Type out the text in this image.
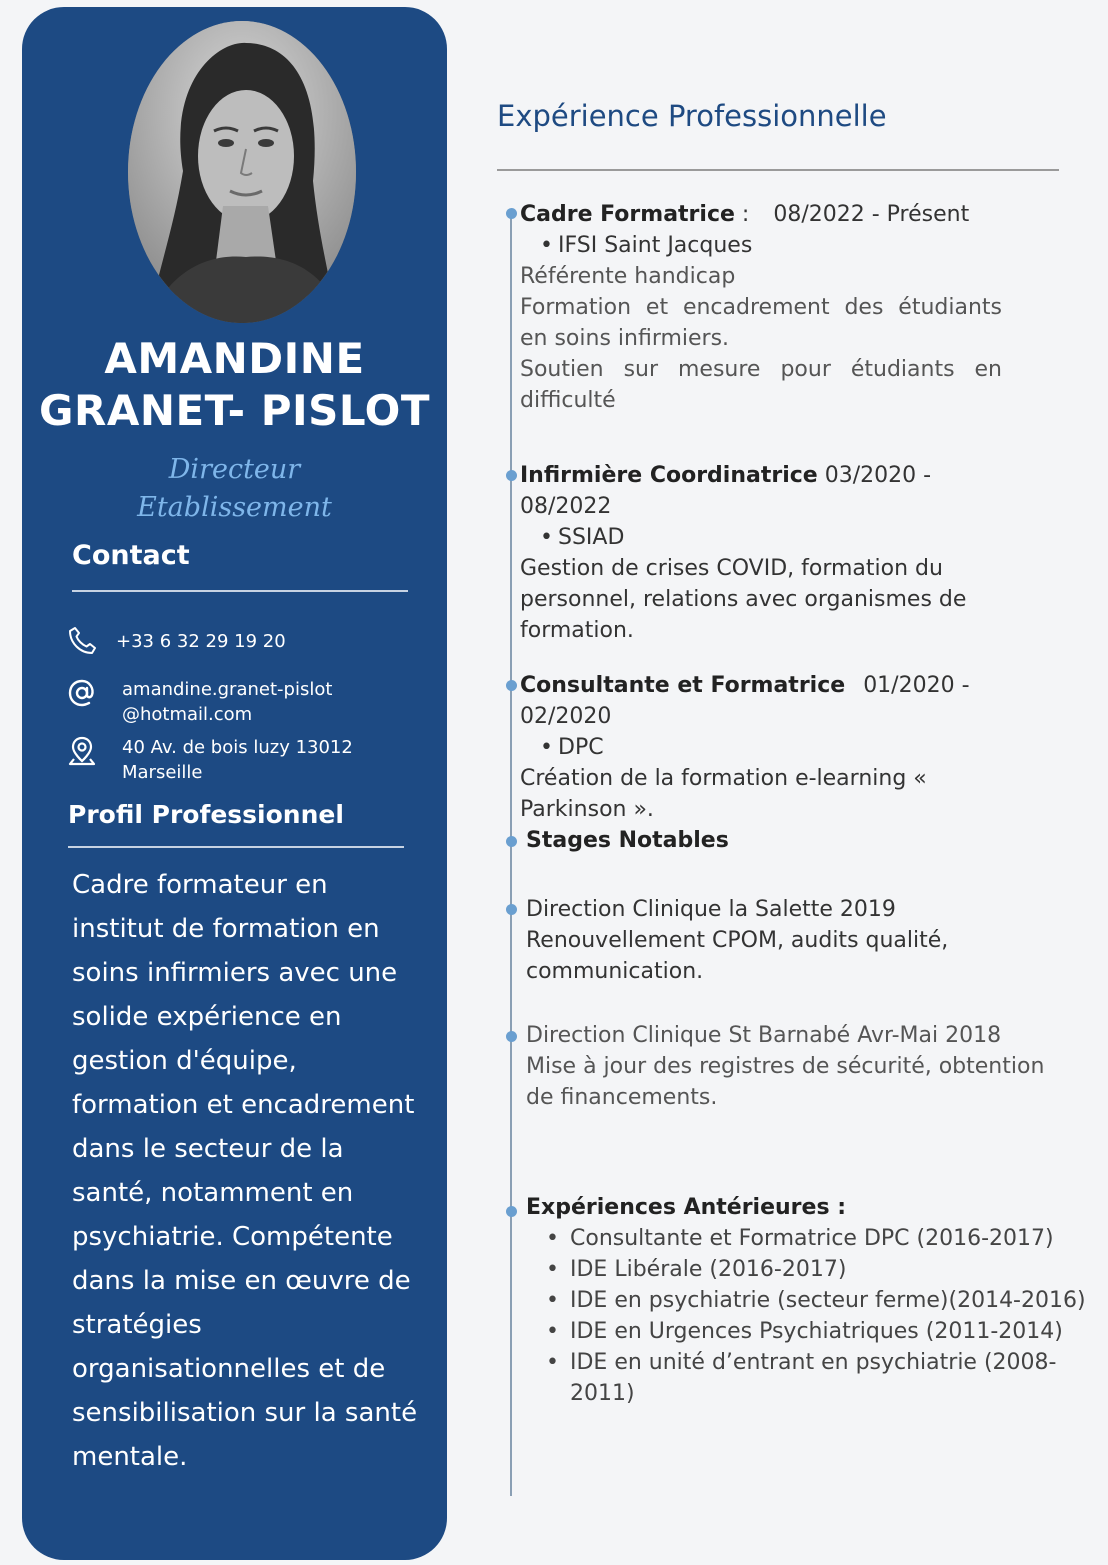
AMANDINE
GRANET- PISLOT
Directeur
Etablissement
Contact
+33 6 32 29 19 20
amandine.granet-pislot
@hotmail.com
40 Av. de bois luzy 13012
Marseille
Profil Professionnel
Cadre formateur en institut de formation en soins infirmiers avec une solide expérience en gestion d'équipe, formation et encadrement dans le secteur de la santé, notamment en psychiatrie. Compétente dans la mise en œuvre de stratégies organisationnelles et de sensibilisation sur la santé mentale.
Expérience Professionnelle
Cadre Formatrice : 08/2022 - Présent
• IFSI Saint Jacques
Référente handicap
Formation et encadrement des étudiants en soins infirmiers.
Soutien sur mesure pour étudiants en difficulté
Infirmière Coordinatrice 03/2020 - 08/2022
• SSIAD
Gestion de crises COVID, formation du personnel, relations avec organismes de formation.
Consultante et Formatrice 01/2020 - 02/2020
• DPC
Création de la formation e-learning « Parkinson ».
Stages Notables
Direction Clinique la Salette 2019
Renouvellement CPOM, audits qualité, communication.
Direction Clinique St Barnabé Avr-Mai 2018
Mise à jour des registres de sécurité, obtention de financements.
Expériences Antérieures :
• Consultante et Formatrice DPC (2016-2017)
• IDE Libérale (2016-2017)
• IDE en psychiatrie (secteur ferme)(2014-2016)
• IDE en Urgences Psychiatriques (2011-2014)
• IDE en unité d’entrant en psychiatrie (2008-2011)
